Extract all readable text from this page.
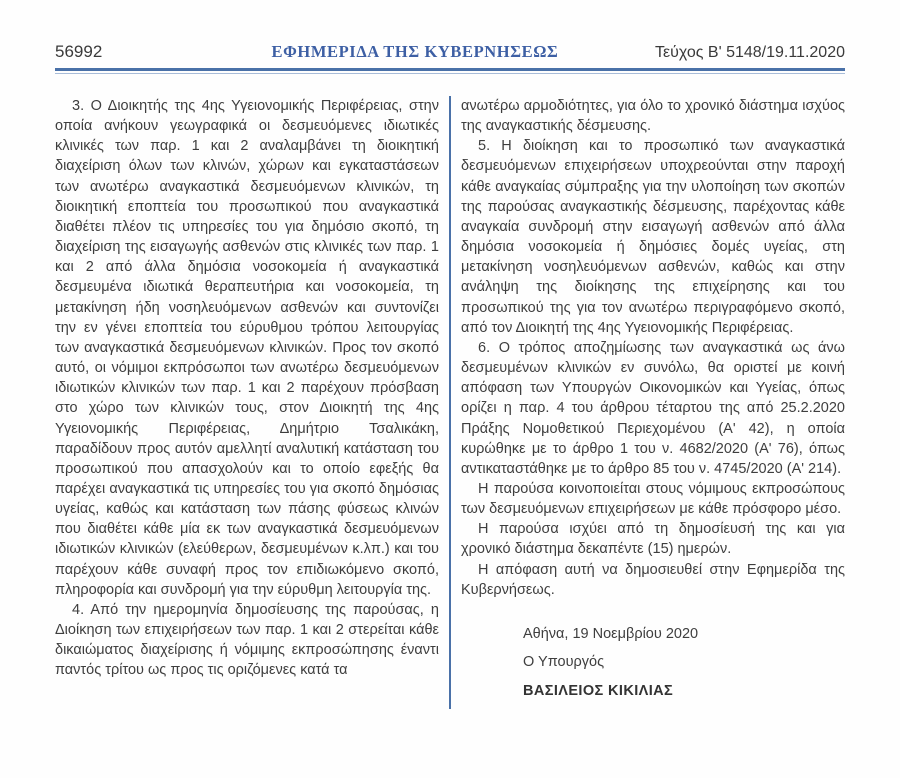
56992	ΕΦΗΜΕΡΙΔΑ ΤΗΣ ΚΥΒΕΡΝΗΣΕΩΣ	Τεύχος Β' 5148/19.11.2020

3. Ο Διοικητής της 4ης Υγειονομικής Περιφέρειας, στην οποία ανήκουν γεωγραφικά οι δεσμευόμενες ιδιωτικές κλινικές των παρ. 1 και 2 αναλαμβάνει τη διοικητική διαχείριση όλων των κλινών, χώρων και εγκαταστάσεων των ανωτέρω αναγκαστικά δεσμευόμενων κλινικών, τη διοικητική εποπτεία του προσωπικού που αναγκαστικά διαθέτει πλέον τις υπηρεσίες του για δημόσιο σκοπό, τη διαχείριση της εισαγωγής ασθενών στις κλινικές των παρ. 1 και 2 από άλλα δημόσια νοσοκομεία ή αναγκαστικά δεσμευμένα ιδιωτικά θεραπευτήρια και νοσοκομεία, τη μετακίνηση ήδη νοσηλευόμενων ασθενών και συντονίζει την εν γένει εποπτεία του εύρυθμου τρόπου λειτουργίας των αναγκαστικά δεσμευόμενων κλινικών. Προς τον σκοπό αυτό, οι νόμιμοι εκπρόσωποι των ανωτέρω δεσμευόμενων ιδιωτικών κλινικών των παρ. 1 και 2 παρέχουν πρόσβαση στο χώρο των κλινικών τους, στον Διοικητή της 4ης Υγειονομικής Περιφέρειας, Δημήτριο Τσαλικάκη, παραδίδουν προς αυτόν αμελλητί αναλυτική κατάσταση του προσωπικού που απασχολούν και το οποίο εφεξής θα παρέχει αναγκαστικά τις υπηρεσίες του για σκοπό δημόσιας υγείας, καθώς και κατάσταση των πάσης φύσεως κλινών που διαθέτει κάθε μία εκ των αναγκαστικά δεσμευόμενων ιδιωτικών κλινικών (ελεύθερων, δεσμευμένων κ.λπ.) και του παρέχουν κάθε συναφή προς τον επιδιωκόμενο σκοπό, πληροφορία και συνδρομή για την εύρυθμη λειτουργία της.

4. Από την ημερομηνία δημοσίευσης της παρούσας, η Διοίκηση των επιχειρήσεων των παρ. 1 και 2 στερείται κάθε δικαιώματος διαχείρισης ή νόμιμης εκπροσώπησης έναντι παντός τρίτου ως προς τις οριζόμενες κατά τα

ανωτέρω αρμοδιότητες, για όλο το χρονικό διάστημα ισχύος της αναγκαστικής δέσμευσης.

5. Η διοίκηση και το προσωπικό των αναγκαστικά δεσμευόμενων επιχειρήσεων υποχρεούνται στην παροχή κάθε αναγκαίας σύμπραξης για την υλοποίηση των σκοπών της παρούσας αναγκαστικής δέσμευσης, παρέχοντας κάθε αναγκαία συνδρομή στην εισαγωγή ασθενών από άλλα δημόσια νοσοκομεία ή δημόσιες δομές υγείας, στη μετακίνηση νοσηλευόμενων ασθενών, καθώς και στην ανάληψη της διοίκησης της επιχείρησης και του προσωπικού της για τον ανωτέρω περιγραφόμενο σκοπό, από τον Διοικητή της 4ης Υγειονομικής Περιφέρειας.

6. Ο τρόπος αποζημίωσης των αναγκαστικά ως άνω δεσμευμένων κλινικών εν συνόλω, θα οριστεί με κοινή απόφαση των Υπουργών Οικονομικών και Υγείας, όπως ορίζει η παρ. 4 του άρθρου τέταρτου της από 25.2.2020 Πράξης Νομοθετικού Περιεχομένου (Α' 42), η οποία κυρώθηκε με το άρθρο 1 του ν. 4682/2020 (Α' 76), όπως αντικαταστάθηκε με το άρθρο 85 του ν. 4745/2020 (Α' 214).

Η παρούσα κοινοποιείται στους νόμιμους εκπροσώπους των δεσμευόμενων επιχειρήσεων με κάθε πρόσφορο μέσο.

Η παρούσα ισχύει από τη δημοσίευσή της και για χρονικό διάστημα δεκαπέντε (15) ημερών.

Η απόφαση αυτή να δημοσιευθεί στην Εφημερίδα της Κυβερνήσεως.

Αθήνα, 19 Νοεμβρίου 2020

Ο Υπουργός

ΒΑΣΙΛΕΙΟΣ ΚΙΚΙΛΙΑΣ
